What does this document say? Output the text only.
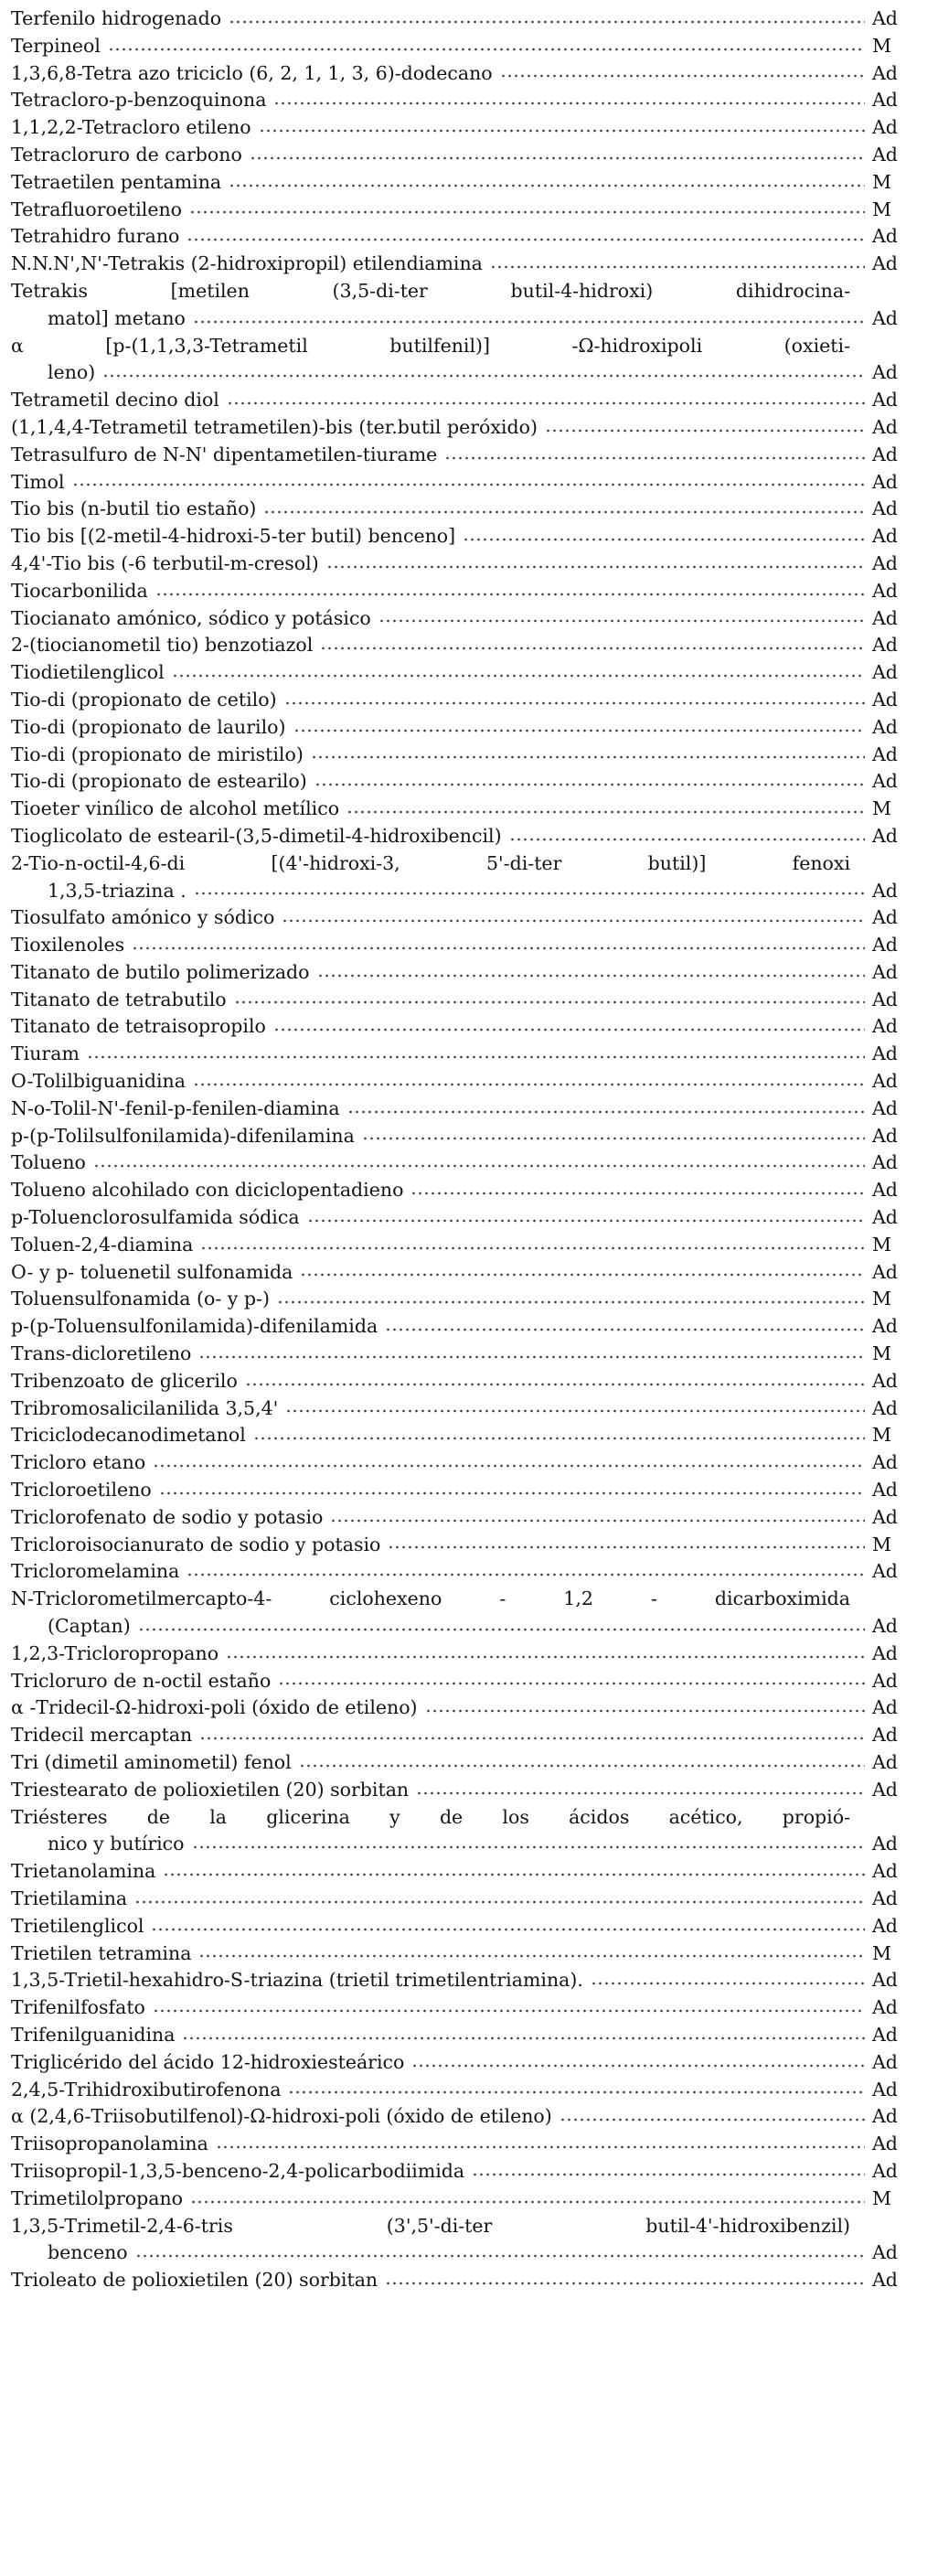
Terfenilo hidrogenado	Ad
Terpineol	M
1,3,6,8-Tetra azo triciclo (6, 2, 1, 1, 3, 6)-dodecano	Ad
Tetracloro-p-benzoquinona	Ad
1,1,2,2-Tetracloro etileno	Ad
Tetracloruro de carbono	Ad
Tetraetilen pentamina	M
Tetrafluoroetileno	M
Tetrahidro furano	Ad
N.N.N',N'-Tetrakis (2-hidroxipropil) etilendiamina	Ad
Tetrakis [metilen (3,5-di-ter butil-4-hidroxi) dihidrocina-
matol] metano	Ad
α [p-(1,1,3,3-Tetrametil butilfenil)] -Ω-hidroxipoli (oxieti-
leno)	Ad
Tetrametil decino diol	Ad
(1,1,4,4-Tetrametil tetrametilen)-bis (ter.butil peróxido)	Ad
Tetrasulfuro de N-N' dipentametilen-tiurame	Ad
Timol	Ad
Tio bis (n-butil tio estaño)	Ad
Tio bis [(2-metil-4-hidroxi-5-ter butil) benceno]	Ad
4,4'-Tio bis (-6 terbutil-m-cresol)	Ad
Tiocarbonilida	Ad
Tiocianato amónico, sódico y potásico	Ad
2-(tiocianometil tio) benzotiazol	Ad
Tiodietilenglicol	Ad
Tio-di (propionato de cetilo)	Ad
Tio-di (propionato de laurilo)	Ad
Tio-di (propionato de miristilo)	Ad
Tio-di (propionato de estearilo)	Ad
Tioeter vinílico de alcohol metílico	M
Tioglicolato de estearil-(3,5-dimetil-4-hidroxibencil)	Ad
2-Tio-n-octil-4,6-di [(4'-hidroxi-3, 5'-di-ter butil)] fenoxi
1,3,5-triazina .	Ad
Tiosulfato amónico y sódico	Ad
Tioxilenoles	Ad
Titanato de butilo polimerizado	Ad
Titanato de tetrabutilo	Ad
Titanato de tetraisopropilo	Ad
Tiuram	Ad
O-Tolilbiguanidina	Ad
N-o-Tolil-N'-fenil-p-fenilen-diamina	Ad
p-(p-Tolilsulfonilamida)-difenilamina	Ad
Tolueno	Ad
Tolueno alcohilado con diciclopentadieno	Ad
p-Toluenclorosulfamida sódica	Ad
Toluen-2,4-diamina	M
O- y p- toluenetil sulfonamida	Ad
Toluensulfonamida (o- y p-)	M
p-(p-Toluensulfonilamida)-difenilamida	Ad
Trans-dicloretileno	M
Tribenzoato de glicerilo	Ad
Tribromosalicilanilida 3,5,4'	Ad
Triciclodecanodimetanol	M
Tricloro etano	Ad
Tricloroetileno	Ad
Triclorofenato de sodio y potasio	Ad
Tricloroisocianurato de sodio y potasio	M
Tricloromelamina	Ad
N-Triclorometilmercapto-4- ciclohexeno - 1,2 - dicarboximida
(Captan)	Ad
1,2,3-Tricloropropano	Ad
Tricloruro de n-octil estaño	Ad
α -Tridecil-Ω-hidroxi-poli (óxido de etileno)	Ad
Tridecil mercaptan	Ad
Tri (dimetil aminometil) fenol	Ad
Triestearato de polioxietilen (20) sorbitan	Ad
Triésteres de la glicerina y de los ácidos acético, propió-
nico y butírico	Ad
Trietanolamina	Ad
Trietilamina	Ad
Trietilenglicol	Ad
Trietilen tetramina	M
1,3,5-Trietil-hexahidro-S-triazina (trietil trimetilentriamina).	Ad
Trifenilfosfato	Ad
Trifenilguanidina	Ad
Triglicérido del ácido 12-hidroxiesteárico	Ad
2,4,5-Trihidroxibutirofenona	Ad
α (2,4,6-Triisobutilfenol)-Ω-hidroxi-poli (óxido de etileno)	Ad
Triisopropanolamina	Ad
Triisopropil-1,3,5-benceno-2,4-policarbodiimida	Ad
Trimetilolpropano	M
1,3,5-Trimetil-2,4-6-tris (3',5'-di-ter butil-4'-hidroxibenzil)
benceno	Ad
Trioleato de polioxietilen (20) sorbitan	Ad
